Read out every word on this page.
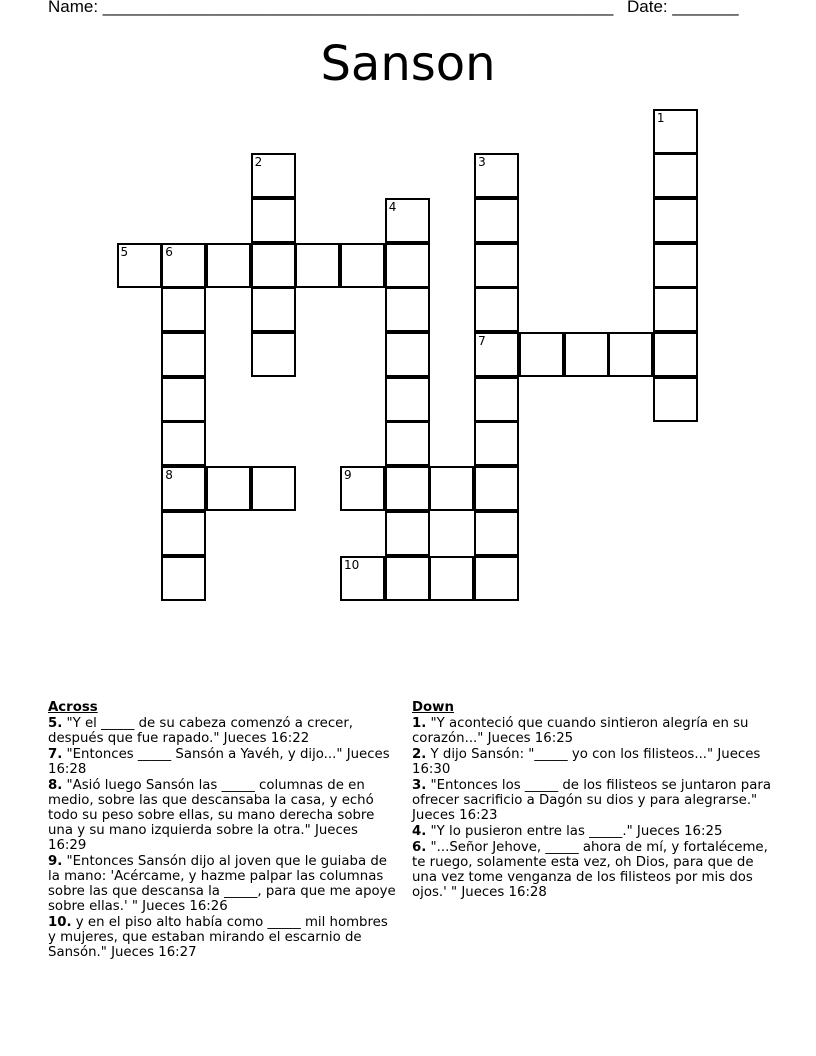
Name: ______________________________________________________ Date: _______
Sanson
1
2	3
4
5	6
7
8	9
10
Across
5. "Y el _____ de su cabeza comenzó a crecer, después que fue rapado." Jueces 16:22
7. "Entonces _____ Sansón a Yavéh, y dijo..." Jueces 16:28
8. "Asió luego Sansón las _____ columnas de en medio, sobre las que descansaba la casa, y echó todo su peso sobre ellas, su mano derecha sobre una y su mano izquierda sobre la otra." Jueces 16:29
9. "Entonces Sansón dijo al joven que le guiaba de la mano: 'Acércame, y hazme palpar las columnas sobre las que descansa la _____, para que me apoye sobre ellas.' " Jueces 16:26
10. y en el piso alto había como _____ mil hombres y mujeres, que estaban mirando el escarnio de Sansón." Jueces 16:27
Down
1. "Y aconteció que cuando sintieron alegría en su corazón..." Jueces 16:25
2. Y dijo Sansón: "_____ yo con los filisteos..." Jueces 16:30
3. "Entonces los _____ de los filisteos se juntaron para ofrecer sacrificio a Dagón su dios y para alegrarse." Jueces 16:23
4. "Y lo pusieron entre las _____." Jueces 16:25
6. "...Señor Jehove, _____ ahora de mí, y fortaléceme, te ruego, solamente esta vez, oh Dios, para que de una vez tome venganza de los filisteos por mis dos ojos.' " Jueces 16:28
